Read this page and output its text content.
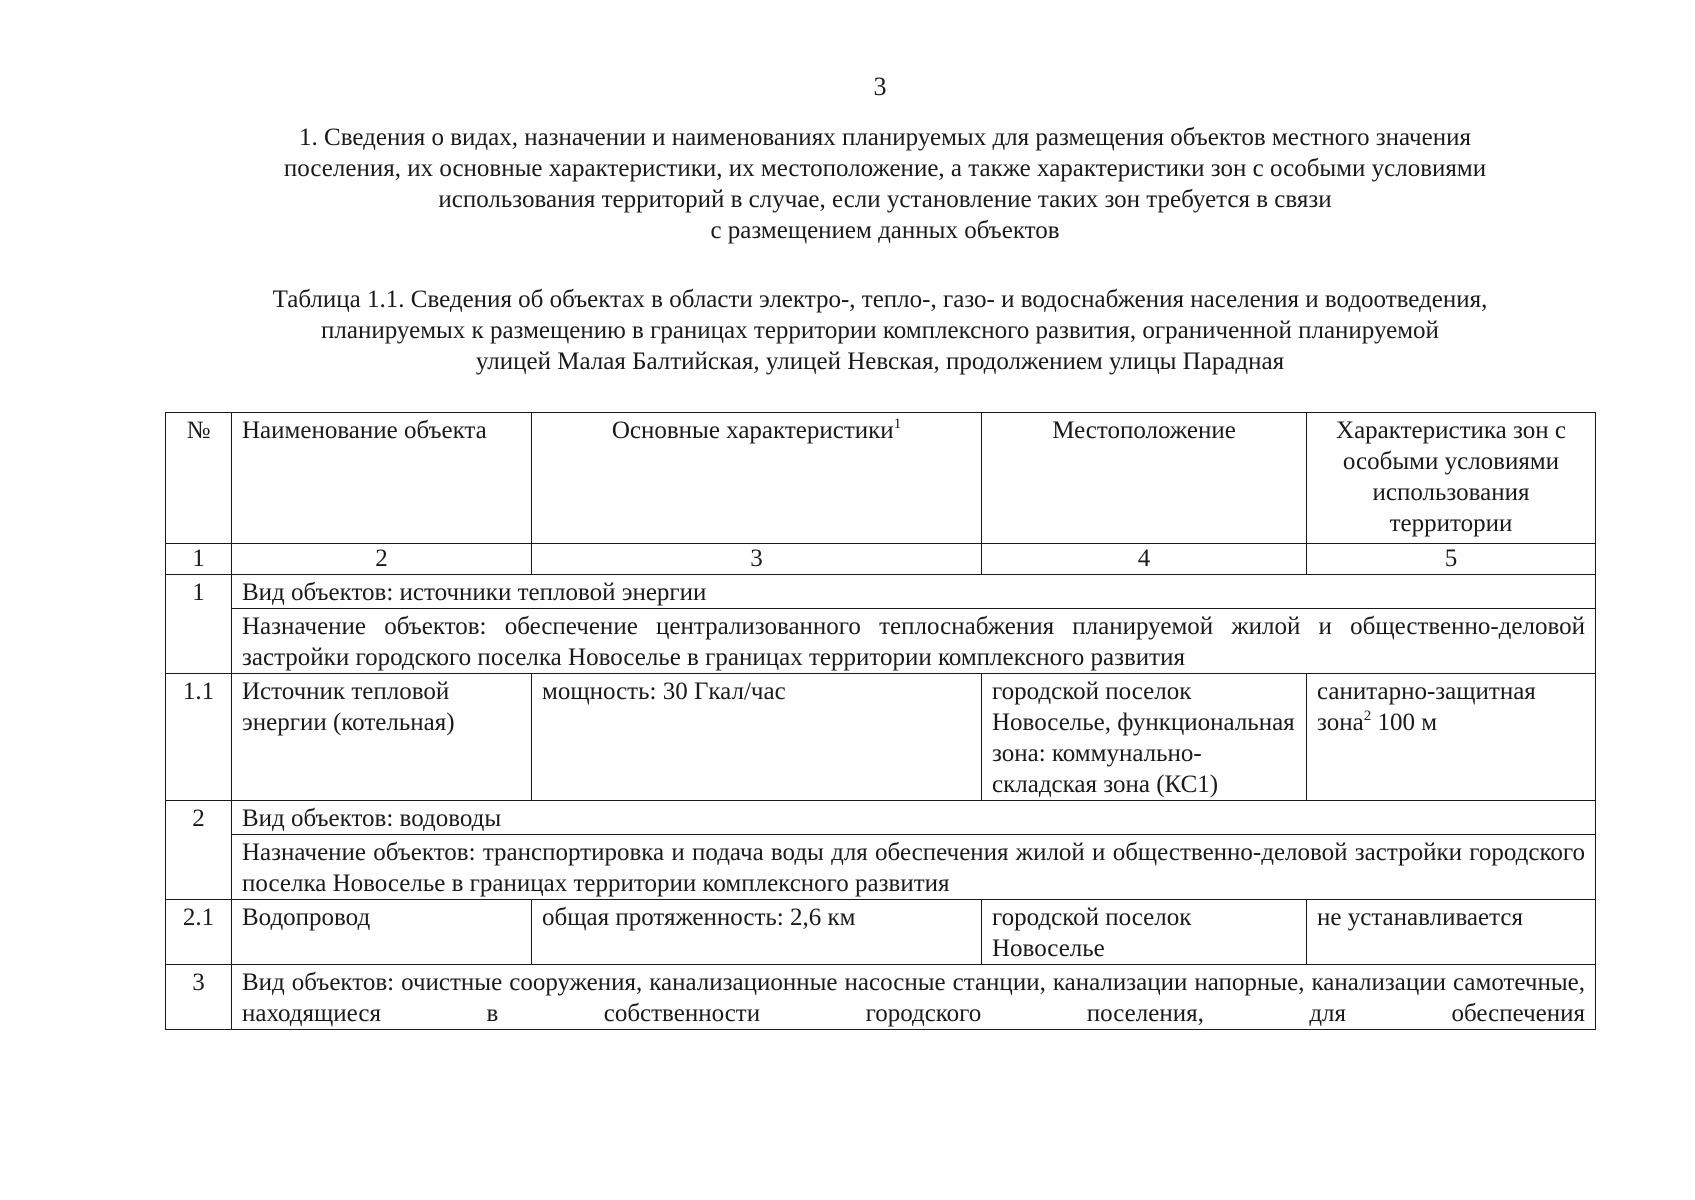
3
1. Сведения о видах, назначении и наименованиях планируемых для размещения объектов местного значения
поселения, их основные характеристики, их местоположение, а также характеристики зон с особыми условиями
использования территорий в случае, если установление таких зон требуется в связи
с размещением данных объектов
Таблица 1.1. Сведения об объектах в области электро-, тепло-, газо- и водоснабжения населения и водоотведения,
планируемых к размещению в границах территории комплексного развития, ограниченной планируемой
улицей Малая Балтийская, улицей Невская, продолжением улицы Парадная
№	Наименование объекта	Основные характеристики$^1$	Местоположение	Характеристика зон с особыми условиями использования территории
1	2	3	4	5
1	Вид объектов: источники тепловой энергии			
	Назначение объектов: обеспечение централизованного теплоснабжения планируемой жилой и общественно-деловой застройки городского поселка Новоселье в границах территории комплексного развития			
1.1	Источник тепловой энергии (котельная)	мощность: 30 Гкал/час	городской поселок Новоселье, функциональная зона: коммунально-складская зона (КС1)	санитарно-защитная зона$^2$ 100 м
2	Вид объектов: водоводы			
	Назначение объектов: транспортировка и подача воды для обеспечения жилой и общественно-деловой застройки городского поселка Новоселье в границах территории комплексного развития			
2.1	Водопровод	общая протяженность: 2,6 км	городской поселок Новоселье	не устанавливается
3	Вид объектов: очистные сооружения, канализационные насосные станции, канализации напорные, канализации самотечные, находящиеся в собственности городского поселения, для обеспечения			
